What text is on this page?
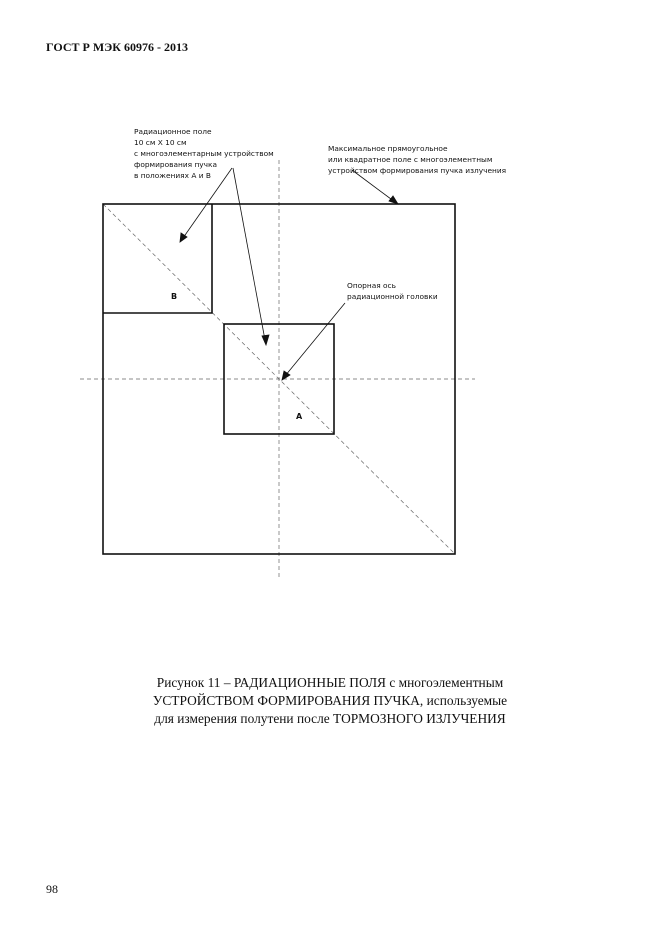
ГОСТ Р МЭК 60976 - 2013
Радиационное поле 10 см X 10 см с многоэлементарным устройством формирования пучка в положениях А и В
Максимальное прямоугольное или квадратное поле с многоэлементным устройством формирования пучка излучения
Опорная ось радиационной головки
B
A
Рисунок 11 – РАДИАЦИОННЫЕ ПОЛЯ с многоэлементным
УСТРОЙСТВОМ ФОРМИРОВАНИЯ ПУЧКА, используемые
для измерения полутени после ТОРМОЗНОГО ИЗЛУЧЕНИЯ
98
